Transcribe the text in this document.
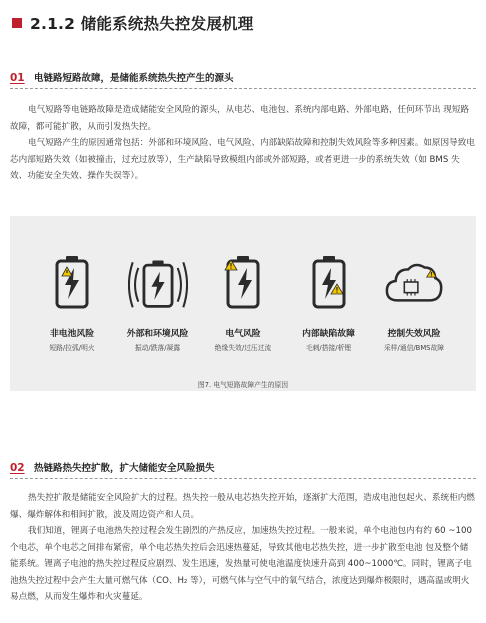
2.1.2 储能系统热失控发展机理
01 电链路短路故障，是储能系统热失控产生的源头

电气短路等电链路故障是造成储能安全风险的源头，从电芯、电池包、系统内部电路、外部电路，任何环节出 现短路故障，都可能扩散，从而引发热失控。

电气短路产生的原因通常包括：外部和环境风险、电气风险、内部缺陷故障和控制失效风险等多种因素。如原因导致电芯内部短路失效（如被撞击，过充过放等），生产缺陷导致模组内部或外部短路，或者更进一步的系统失效（如 BMS 失效、功能安全失效、操作失误等）。

非电池风险
短路/拉弧/明火
外部和环境风险
振动/跌落/凝露
电气风险
绝缘失效/过压过流
内部缺陷故障
毛刺/搭接/析锂
控制失效风险
采样/通信/BMS故障
图7. 电气短路故障产生的原因
02 热链路热失控扩散，扩大储能安全风险损失

热失控扩散是储能安全风险扩大的过程。热失控一般从电芯热失控开始，逐渐扩大范围，造成电池包起火、系统柜内燃爆、爆炸解体和相间扩散，波及周边资产和人员。

我们知道，锂离子电池热失控过程会发生剧烈的产热反应，加速热失控过程。一般来说，单个电池包内有约 60 ~100 个电芯，单个电芯之间排布紧密，单个电芯热失控后会迅速热蔓延，导致其他电芯热失控，进一步扩散至电池 包及整个储能系统。锂离子电池的热失控过程反应剧烈、发生迅速，发热量可使电池温度快速升高到 400~1000℃。同时，锂离子电池热失控过程中会产生大量可燃气体（CO、H₂ 等），可燃气体与空气中的氧气结合，浓度达到爆炸极限时，遇高温或明火易点燃，从而发生爆炸和火灾蔓延。
